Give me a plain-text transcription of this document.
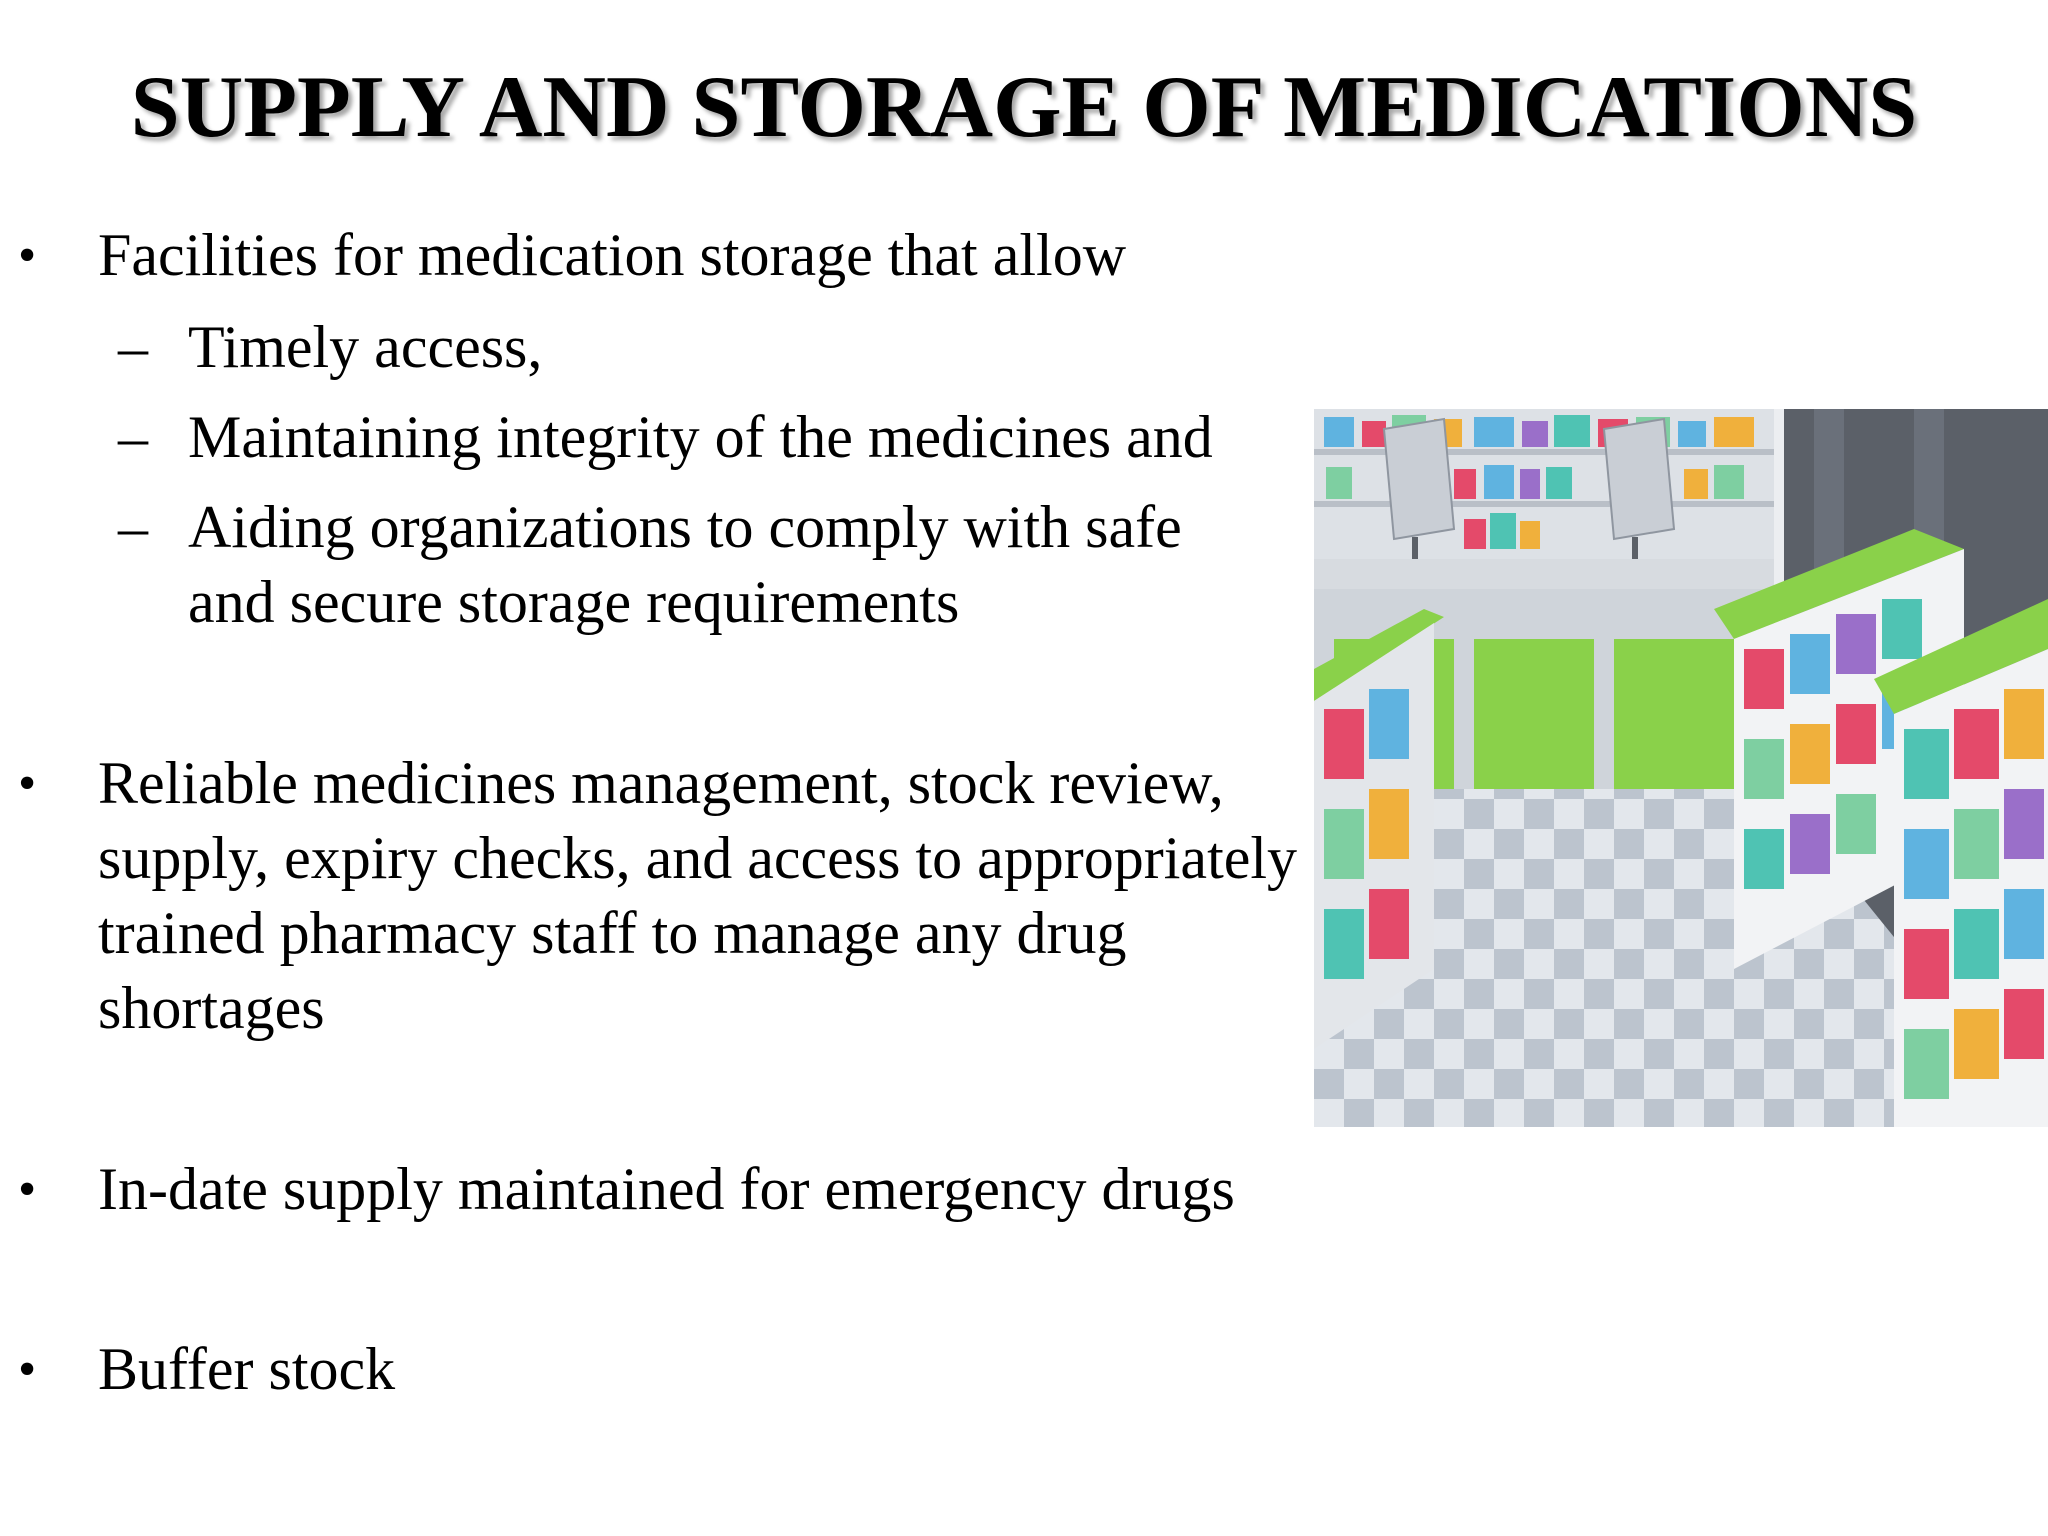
SUPPLY AND STORAGE OF MEDICATIONS
• Facilities for medication storage that allow
– Timely access,
– Maintaining integrity of the medicines and
– Aiding organizations to comply with safe and secure storage requirements
• Reliable medicines management, stock review, supply, expiry checks, and access to appropriately trained pharmacy staff to manage any drug shortages
• In-date supply maintained for emergency drugs
• Buffer stock
